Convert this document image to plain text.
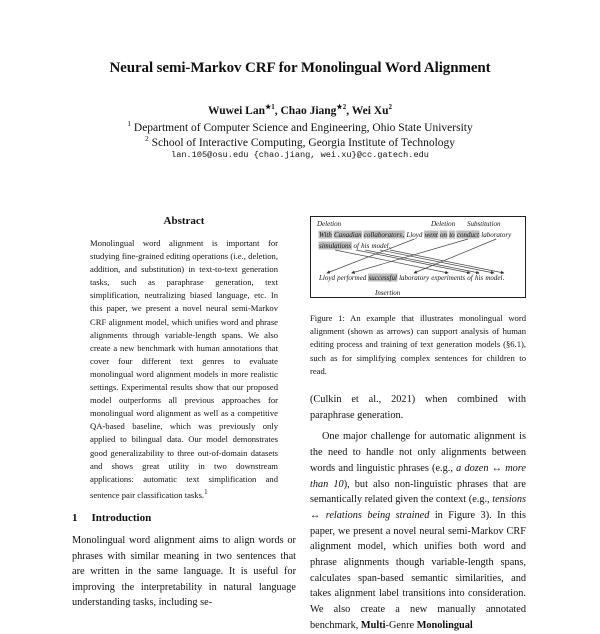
Neural semi-Markov CRF for Monolingual Word Alignment
Wuwei Lan$^{★1}$, Chao Jiang$^{★2}$, Wei Xu$^2$
$^1$ Department of Computer Science and Engineering, Ohio State University
$^2$ School of Interactive Computing, Georgia Institute of Technology
lan.105@osu.edu {chao.jiang, wei.xu}@cc.gatech.edu
Abstract
Monolingual word alignment is important for studying fine-grained editing operations (i.e., deletion, addition, and substitution) in text-to-text generation tasks, such as paraphrase generation, text simplification, neutralizing biased language, etc. In this paper, we present a novel neural semi-Markov CRF alignment model, which unifies word and phrase alignments through variable-length spans. We also create a new benchmark with human annotations that cover four different text genres to evaluate monolingual word alignment models in more realistic settings. Experimental results show that our proposed model outperforms all previous approaches for monolingual word alignment as well as a competitive QA-based baseline, which was previously only applied to bilingual data. Our model demonstrates good generalizability to three out-of-domain datasets and shows great utility in two downstream applications: automatic text simplification and sentence pair classification tasks.$^1$
1 Introduction
Monolingual word alignment aims to align words or phrases with similar meaning in two sentences that are written in the same language. It is useful for improving the interpretability in natural language understanding tasks, including se-
Deletion	Deletion Substitution
Insertion
With Canadian collaborators , Lloyd went on to conduct laboratory
simulations of his model .
Lloyd performed successful laboratory experiments of his model .
Figure 1: An example that illustrates monolingual word alignment (shown as arrows) can support analysis of human editing process and training of text generation models (§6.1), such as for simplifying complex sentences for children to read.

(Culkin et al., 2021) when combined with paraphrase generation.

One major challenge for automatic alignment is the need to handle not only alignments between words and linguistic phrases (e.g., a dozen ↔ more than 10), but also non-linguistic phrases that are semantically related given the context (e.g., tensions ↔ relations being strained in Figure 3). In this paper, we present a novel neural semi-Markov CRF alignment model, which unifies both word and phrase alignments though variable-length spans, calculates span-based semantic similarities, and takes alignment label transitions into consideration. We also create a new manually annotated benchmark, Multi-Genre Monolingual
